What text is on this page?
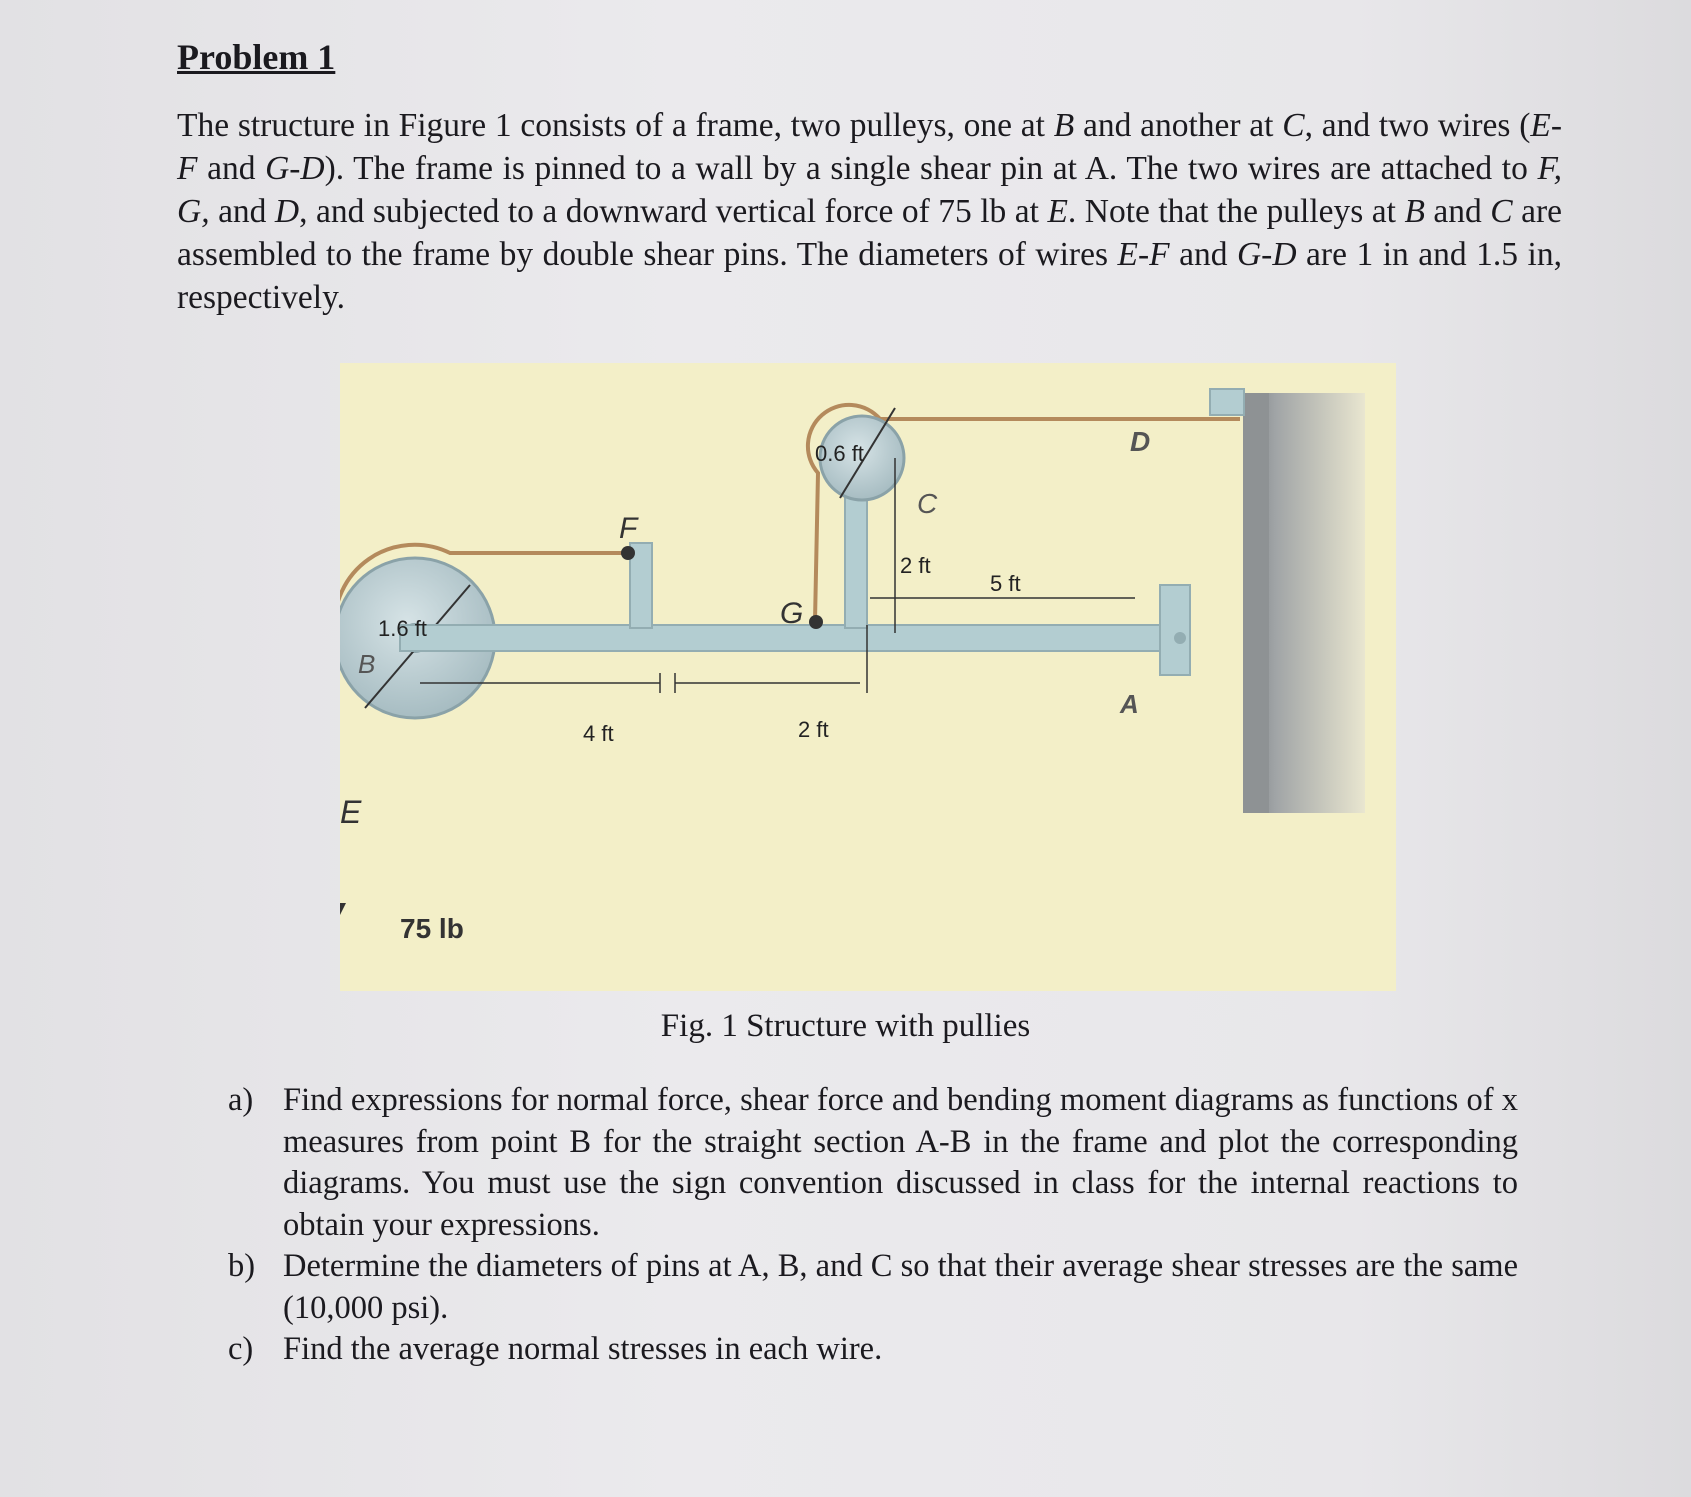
Problem 1
The structure in Figure 1 consists of a frame, two pulleys, one at B and another at C, and two wires (E-F and G-D). The frame is pinned to a wall by a single shear pin at A. The two wires are attached to F, G, and D, and subjected to a downward vertical force of 75 lb at E. Note that the pulleys at B and C are assembled to the frame by double shear pins. The diameters of wires E-F and G-D are 1 in and 1.5 in, respectively.
D
C
F
G
B
A
E
0.6 ft
1.6 ft
2 ft
5 ft
4 ft	2 ft
75 lb
Fig. 1 Structure with pullies
a) Find expressions for normal force, shear force and bending moment diagrams as functions of x measures from point B for the straight section A-B in the frame and plot the corresponding diagrams. You must use the sign convention discussed in class for the internal reactions to obtain your expressions.
b) Determine the diameters of pins at A, B, and C so that their average shear stresses are the same (10,000 psi).
c) Find the average normal stresses in each wire.
